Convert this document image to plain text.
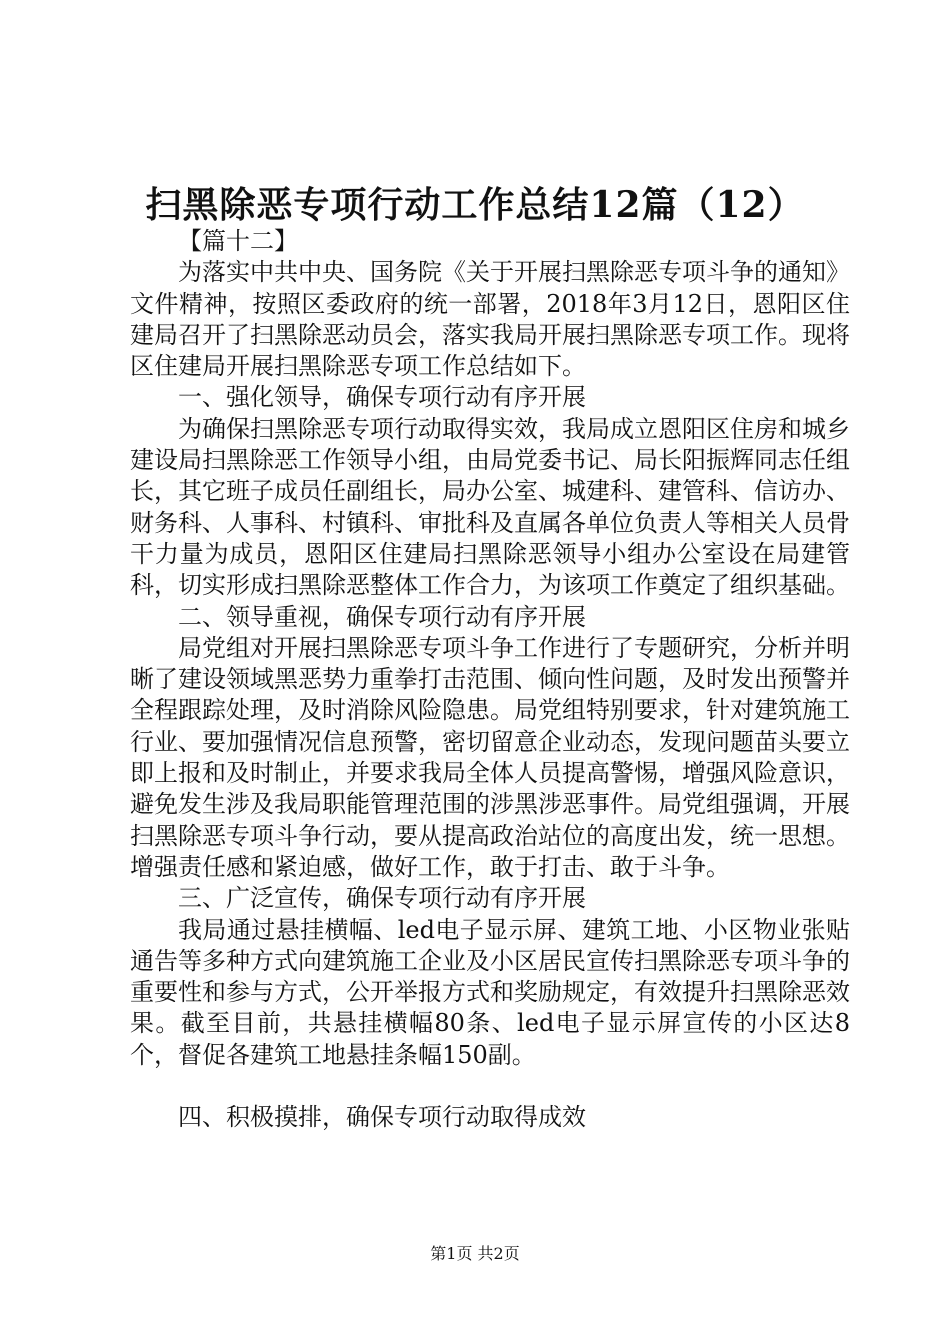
扫黑除恶专项行动工作总结12篇（12）

【篇十二】

为落实中共中央、国务院《关于开展扫黑除恶专项斗争的通知》文件精神，按照区委政府的统一部署，2018年3月12日，恩阳区住建局召开了扫黑除恶动员会，落实我局开展扫黑除恶专项工作。现将区住建局开展扫黑除恶专项工作总结如下。

一、强化领导，确保专项行动有序开展

为确保扫黑除恶专项行动取得实效，我局成立恩阳区住房和城乡建设局扫黑除恶工作领导小组，由局党委书记、局长阳振辉同志任组长，其它班子成员任副组长，局办公室、城建科、建管科、信访办、财务科、人事科、村镇科、审批科及直属各单位负责人等相关人员骨干力量为成员，恩阳区住建局扫黑除恶领导小组办公室设在局建管科，切实形成扫黑除恶整体工作合力，为该项工作奠定了组织基础。

二、领导重视，确保专项行动有序开展

局党组对开展扫黑除恶专项斗争工作进行了专题研究，分析并明晰了建设领域黑恶势力重拳打击范围、倾向性问题，及时发出预警并全程跟踪处理，及时消除风险隐患。局党组特别要求，针对建筑施工行业、要加强情况信息预警，密切留意企业动态，发现问题苗头要立即上报和及时制止，并要求我局全体人员提高警惕，增强风险意识，避免发生涉及我局职能管理范围的涉黑涉恶事件。局党组强调，开展扫黑除恶专项斗争行动，要从提高政治站位的高度出发，统一思想。增强责任感和紧迫感，做好工作，敢于打击、敢于斗争。

三、广泛宣传，确保专项行动有序开展

我局通过悬挂横幅、led电子显示屏、建筑工地、小区物业张贴通告等多种方式向建筑施工企业及小区居民宣传扫黑除恶专项斗争的重要性和参与方式，公开举报方式和奖励规定，有效提升扫黑除恶效果。截至目前，共悬挂横幅80条、led电子显示屏宣传的小区达8个，督促各建筑工地悬挂条幅150副。

四、积极摸排，确保专项行动取得成效

第1页 共2页
